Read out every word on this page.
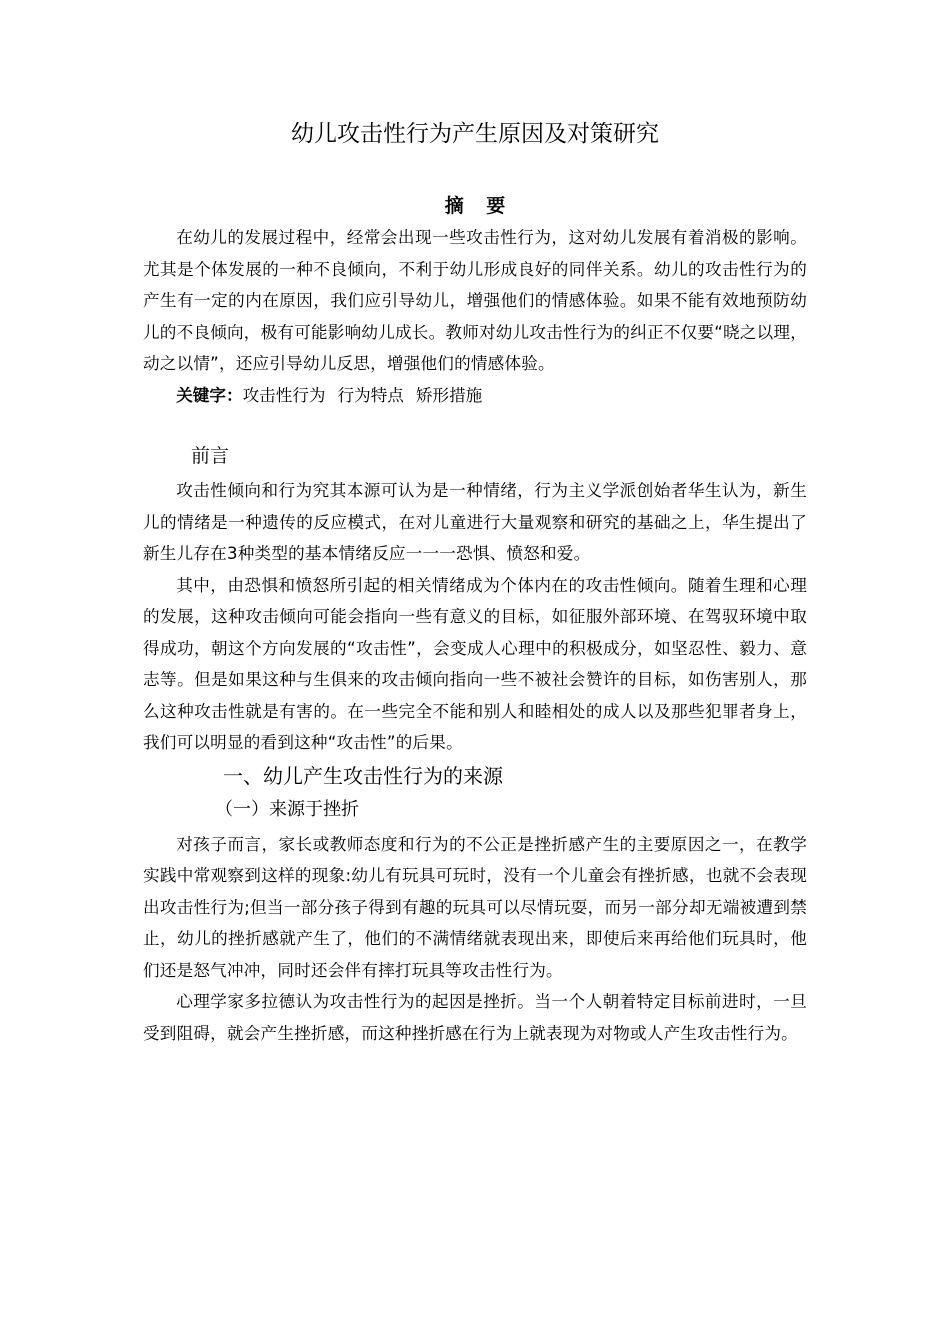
幼儿攻击性行为产生原因及对策研究
摘 要

在幼儿的发展过程中，经常会出现一些攻击性行为，这对幼儿发展有着消极的影响。尤其是个体发展的一种不良倾向，不利于幼儿形成良好的同伴关系。幼儿的攻击性行为的产生有一定的内在原因，我们应引导幼儿，增强他们的情感体验。如果不能有效地预防幼儿的不良倾向，极有可能影响幼儿成长。教师对幼儿攻击性行为的纠正不仅要“晓之以理，动之以情”，还应引导幼儿反思，增强他们的情感体验。

关键字：攻击性行为 行为特点 矫形措施

前言

攻击性倾向和行为究其本源可认为是一种情绪，行为主义学派创始者华生认为，新生儿的情绪是一种遗传的反应模式，在对儿童进行大量观察和研究的基础之上，华生提出了新生儿存在3种类型的基本情绪反应一一一恐惧、愤怒和爱。

其中，由恐惧和愤怒所引起的相关情绪成为个体内在的攻击性倾向。随着生理和心理的发展，这种攻击倾向可能会指向一些有意义的目标，如征服外部环境、在驾驭环境中取得成功，朝这个方向发展的“攻击性”，会变成人心理中的积极成分，如坚忍性、毅力、意志等。但是如果这种与生俱来的攻击倾向指向一些不被社会赞许的目标，如伤害别人，那么这种攻击性就是有害的。在一些完全不能和别人和睦相处的成人以及那些犯罪者身上，我们可以明显的看到这种“攻击性”的后果。

一、幼儿产生攻击性行为的来源
（一）来源于挫折

对孩子而言，家长或教师态度和行为的不公正是挫折感产生的主要原因之一，在教学实践中常观察到这样的现象:幼儿有玩具可玩时，没有一个儿童会有挫折感，也就不会表现出攻击性行为;但当一部分孩子得到有趣的玩具可以尽情玩耍，而另一部分却无端被遭到禁止，幼儿的挫折感就产生了，他们的不满情绪就表现出来，即使后来再给他们玩具时，他们还是怒气冲冲，同时还会伴有摔打玩具等攻击性行为。

心理学家多拉德认为攻击性行为的起因是挫折。当一个人朝着特定目标前进时，一旦受到阻碍，就会产生挫折感，而这种挫折感在行为上就表现为对物或人产生攻击性行为。
